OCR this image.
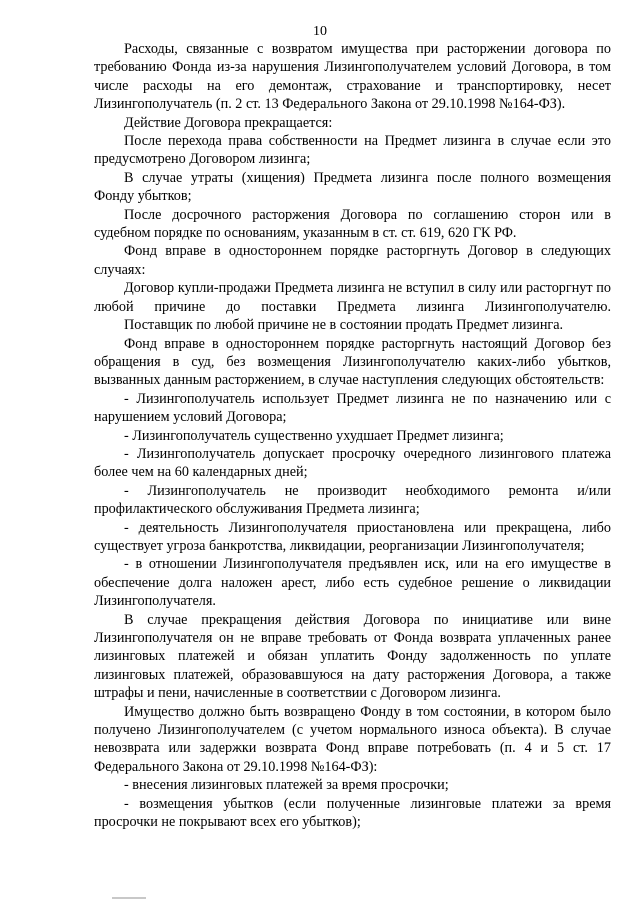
10

Расходы, связанные с возвратом имущества при расторжении договора по требованию Фонда из-за нарушения Лизингополучателем условий Договора, в том числе расходы на его демонтаж, страхование и транспортировку, несет Лизингополучатель (п. 2 ст. 13 Федерального Закона от 29.10.1998 №164-ФЗ).

Действие Договора прекращается:

После перехода права собственности на Предмет лизинга в случае если это предусмотрено Договором лизинга;

В случае утраты (хищения) Предмета лизинга после полного возмещения Фонду убытков;

После досрочного расторжения Договора по соглашению сторон или в судебном порядке по основаниям, указанным в ст. ст. 619, 620 ГК РФ.

Фонд вправе в одностороннем порядке расторгнуть Договор в следующих случаях:

Договор купли-продажи Предмета лизинга не вступил в силу или расторгнут по любой причине до поставки Предмета лизинга Лизингополучателю.

Поставщик по любой причине не в состоянии продать Предмет лизинга.

Фонд вправе в одностороннем порядке расторгнуть настоящий Договор без обращения в суд, без возмещения Лизингополучателю каких-либо убытков, вызванных данным расторжением, в случае наступления следующих обстоятельств:

- Лизингополучатель использует Предмет лизинга не по назначению или с нарушением условий Договора;

- Лизингополучатель существенно ухудшает Предмет лизинга;

- Лизингополучатель допускает просрочку очередного лизингового платежа более чем на 60 календарных дней;

- Лизингополучатель не производит необходимого ремонта и/или профилактического обслуживания Предмета лизинга;

- деятельность Лизингополучателя приостановлена или прекращена, либо существует угроза банкротства, ликвидации, реорганизации Лизингополучателя;

- в отношении Лизингополучателя предъявлен иск, или на его имуществе в обеспечение долга наложен арест, либо есть судебное решение о ликвидации Лизингополучателя.

В случае прекращения действия Договора по инициативе или вине Лизингополучателя он не вправе требовать от Фонда возврата уплаченных ранее лизинговых платежей и обязан уплатить Фонду задолженность по уплате лизинговых платежей, образовавшуюся на дату расторжения Договора, а также штрафы и пени, начисленные в соответствии с Договором лизинга.

Имущество должно быть возвращено Фонду в том состоянии, в котором было получено Лизингополучателем (с учетом нормального износа объекта). В случае невозврата или задержки возврата Фонд вправе потребовать (п. 4 и 5 ст. 17 Федерального Закона от 29.10.1998 №164-ФЗ):

- внесения лизинговых платежей за время просрочки;

- возмещения убытков (если полученные лизинговые платежи за время просрочки не покрывают всех его убытков);
